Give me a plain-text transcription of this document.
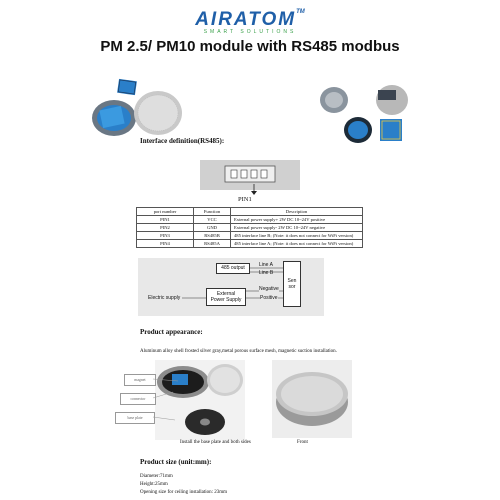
AIRATOM™
SMART SOLUTIONS
PM 2.5/ PM10 module with RS485 modbus
Interface definition(RS485):
PIN1
port number	Function	Description
PIN1	VCC	External power supply+ 2W DC 10~24V positive
PIN2	GND	External power supply- 2W DC 10~24V negative
PIN3	RS485B	485 interface line B; (Note: it does not connect for WiFi version)
PIN4	RS485A	485 interface line A; (Note: it does not connect for WiFi version)
485 output	Line A
Line B
Sen
sor
Negative
Positive
External
Power Supply
Electric supply
Product appearance:
Aluminum alloy shell frosted silver gray,metal porous surface mesh, magnetic suction installation.
magnet
connector
base plate
Install the base plate and both sides	Front
Product size (unit:mm):
Diameter:71mm
Height:25mm
Opening size for ceiling installation: 23mm
